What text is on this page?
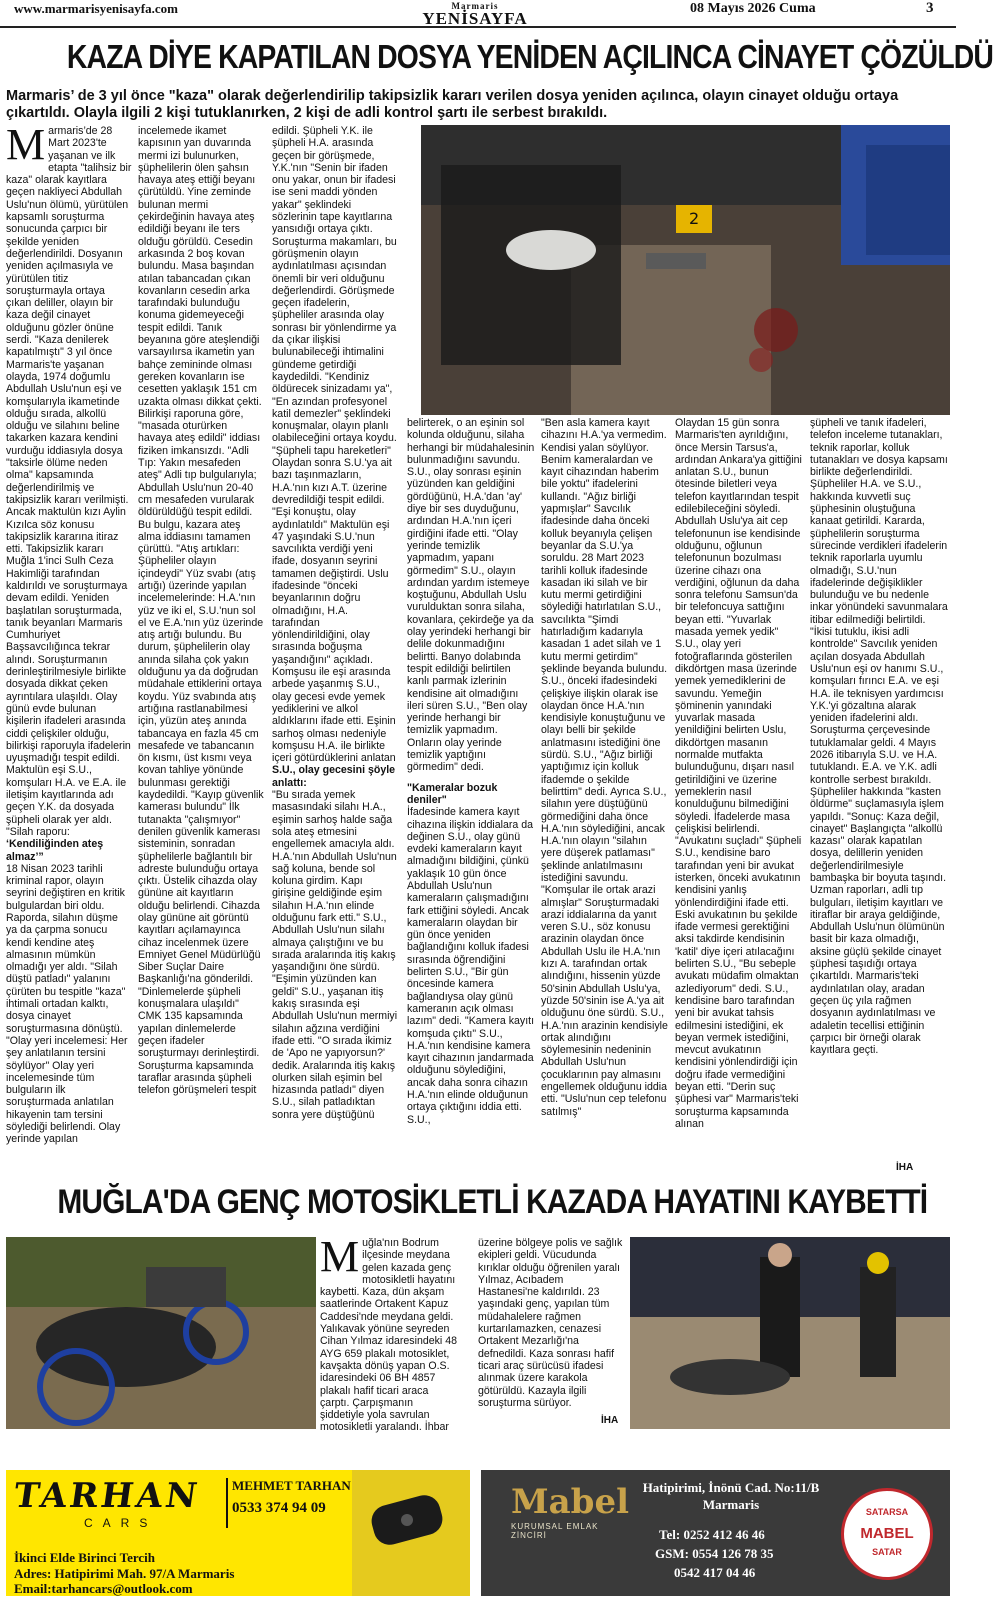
www.marmarisyenisayfa.com	Marmaris
YENİSAYFA
08 Mayıs 2026 Cuma	3
KAZA DİYE KAPATILAN DOSYA YENİDEN AÇILINCA CİNAYET ÇÖZÜLDÜ
Marmaris’ de 3 yıl önce "kaza" olarak değerlendirilip takipsizlik kararı verilen dosya yeniden açılınca, olayın cinayet olduğu ortaya çıkartıldı. Olayla ilgili 2 kişi tutuklanırken, 2 kişi de adli kontrol şartı ile serbest bırakıldı.
M armaris’de 28 Mart 2023'te yaşanan ve ilk etapta "talihsiz bir kaza" olarak kayıtlara geçen nakliyeci Abdullah Uslu'nun ölümü, yürütülen kapsamlı soruşturma sonucunda çarpıcı bir şekilde yeniden değerlendirildi. Dosyanın yeniden açılmasıyla ve yürütülen titiz soruşturmayla ortaya çıkan deliller, olayın bir kaza değil cinayet olduğunu gözler önüne serdi. "Kaza denilerek kapatılmıştı" 3 yıl önce Marmaris'te yaşanan olayda, 1974 doğumlu Abdullah Uslu'nun eşi ve komşularıyla ikametinde olduğu sırada, alkollü olduğu ve silahını beline takarken kazara kendini vurduğu iddiasıyla dosya "taksirle ölüme neden olma" kapsamında değerlendirilmiş ve takipsizlik kararı verilmişti. Ancak maktulün kızı Aylin Kızılca söz konusu takipsizlik kararına itiraz etti. Takipsizlik kararı Muğla 1'inci Sulh Ceza Hakimliği tarafından kaldırıldı ve soruşturmaya devam edildi. Yeniden başlatılan soruşturmada, tanık beyanları Marmaris Cumhuriyet Başsavcılığınca tekrar alındı. Soruşturmanın derinleştirilmesiyle birlikte dosyada dikkat çeken ayrıntılara ulaşıldı. Olay günü evde bulunan kişilerin ifadeleri arasında ciddi çelişkiler olduğu, bilirkişi raporuyla ifadelerin uyuşmadığı tespit edildi. Maktulün eşi S.U., komşuları H.A. ve E.A. ile iletişim kayıtlarında adı geçen Y.K. da dosyada şüpheli olarak yer aldı. "Silah raporu:
‘Kendiliğinden ateş almaz’”
18 Nisan 2023 tarihli kriminal rapor, olayın seyrini değiştiren en kritik bulgulardan biri oldu. Raporda, silahın düşme ya da çarpma sonucu kendi kendine ateş almasının mümkün olmadığı yer aldı. "Silah düştü patladı" yalanını çürüten bu tespitle "kaza" ihtimali ortadan kalktı, dosya cinayet soruşturmasına dönüştü. "Olay yeri incelemesi: Her şey anlatılanın tersini söylüyor" Olay yeri incelemesinde tüm bulguların ilk soruşturmada anlatılan hikayenin tam tersini söylediği belirlendi. Olay yerinde yapılan
incelemede ikamet kapısının yan duvarında mermi izi bulunurken, şüphelilerin ölen şahsın havaya ateş ettiği beyanı çürütüldü. Yine zeminde bulunan mermi çekirdeğinin havaya ateş edildiği beyanı ile ters olduğu görüldü. Cesedin arkasında 2 boş kovan bulundu. Masa başından atılan tabancadan çıkan kovanların cesedin arka tarafındaki bulunduğu konuma gidemeyeceği tespit edildi. Tanık beyanına göre ateşlendiği varsayılırsa ikametin yan bahçe zemininde olması gereken kovanların ise cesetten yaklaşık 151 cm uzakta olması dikkat çekti. Bilirkişi raporuna göre, "masada oturürken havaya ateş edildi" iddiası fiziken imkansızdı. "Adli Tıp: Yakın mesafeden ateş" Adli tıp bulgularıyla; Abdullah Uslu'nun 20-40 cm mesafeden vurularak öldürüldüğü tespit edildi. Bu bulgu, kazara ateş alma iddiasını tamamen çürüttü. "Atış artıkları: Şüpheliler olayın içindeydi" Yüz svabı (atış artığı) üzerinde yapılan incelemelerinde: H.A.'nın yüz ve iki el, S.U.'nun sol el ve E.A.'nın yüz üzerinde atış artığı bulundu. Bu durum, şüphelilerin olay anında silaha çok yakın olduğunu ya da doğrudan müdahale ettiklerini ortaya koydu. Yüz svabında atış artığına rastlanabilmesi için, yüzün ateş anında tabancaya en fazla 45 cm mesafede ve tabancanın ön kısmı, üst kısmı veya kovan tahliye yönünde bulunması gerektiği kaydedildi. "Kayıp güvenlik kamerası bulundu" İlk tutanakta "çalışmıyor" denilen güvenlik kamerası sisteminin, sonradan şüphelilerle bağlantılı bir adreste bulunduğu ortaya çıktı. Üstelik cihazda olay gününe ait kayıtların olduğu belirlendi. Cihazda olay gününe ait görüntü kayıtları açılamayınca cihaz incelenmek üzere Emniyet Genel Müdürlüğü Siber Suçlar Daire Başkanlığı'na gönderildi. "Dinlemelerde şüpheli konuşmalara ulaşıldı" CMK 135 kapsamında yapılan dinlemelerde geçen ifadeler soruşturmayı derinleştirdi. Soruşturma kapsamında taraflar arasında şüpheli telefon görüşmeleri tespit
edildi. Şüpheli Y.K. ile şüpheli H.A. arasında geçen bir görüşmede, Y.K.'nın "Senin bir ifaden onu yakar, onun bir ifadesi ise seni maddi yönden yakar" şeklindeki sözlerinin tape kayıtlarına yansıdığı ortaya çıktı. Soruşturma makamları, bu görüşmenin olayın aydınlatılması açısından önemli bir veri olduğunu değerlendirdi. Görüşmede geçen ifadelerin, şüpheliler arasında olay sonrası bir yönlendirme ya da çıkar ilişkisi bulunabileceği ihtimalini gündeme getirdiği kaydedildi. "Kendiniz öldürecek sinizadamı ya", "En azından profesyonel katil demezler" şeklindeki konuşmalar, olayın planlı olabileceğini ortaya koydu. "Şüpheli tapu hareketleri" Olaydan sonra S.U.'ya ait bazı taşınmazların, H.A.'nın kızı A.T. üzerine devredildiği tespit edildi. "Eşi konuştu, olay aydınlatıldı" Maktulün eşi 47 yaşındaki S.U.'nun savcılıkta verdiği yeni ifade, dosyanın seyrini tamamen değiştirdi. Uslu ifadesinde "önceki beyanlarının doğru olmadığını, H.A. tarafından yönlendirildiğini, olay sırasında boğuşma yaşandığını" açıkladı. Komşusu ile eşi arasında arbede yaşanmış S.U., olay gecesi evde yemek yediklerini ve alkol aldıklarını ifade etti. Eşinin sarhoş olması nedeniyle komşusu H.A. ile birlikte içeri götürdüklerini anlatan
S.U., olay gecesini şöyle anlattı:
"Bu sırada yemek masasındaki silahı H.A., eşimin sarhoş halde sağa sola ateş etmesini engellemek amacıyla aldı. H.A.'nın Abdullah Uslu'nun sağ koluna, bende sol koluna girdim. Kapı girişine geldiğinde eşim silahın H.A.'nın elinde olduğunu fark etti." S.U., Abdullah Uslu'nun silahı almaya çalıştığını ve bu sırada aralarında itiş kakış yaşandığını öne sürdü. "Eşimin yüzünden kan geldi" S.U., yaşanan itiş kakış sırasında eşi Abdullah Uslu'nun mermiyi silahın ağzına verdiğini ifade etti. "O sırada ikimiz de 'Apo ne yapıyorsun?' dedik. Aralarında itiş kakış olurken silah eşimin bel hizasında patladı" diyen S.U., silah patladıktan sonra yere düştüğünü
2
belirterek, o an eşinin sol kolunda olduğunu, silaha herhangi bir müdahalesinin bulunmadığını savundu. S.U., olay sonrası eşinin yüzünden kan geldiğini gördüğünü, H.A.'dan 'ay' diye bir ses duyduğunu, ardından H.A.'nın içeri girdiğini ifade etti. "Olay yerinde temizlik yapmadım, yapanı görmedim" S.U., olayın ardından yardım istemeye koştuğunu, Abdullah Uslu vurulduktan sonra silaha, kovanlara, çekirdeğe ya da olay yerindeki herhangi bir delile dokunmadığını belirtti. Banyo dolabında tespit edildiği belirtilen kanlı parmak izlerinin kendisine ait olmadığını ileri süren S.U., "Ben olay yerinde herhangi bir temizlik yapmadım. Onların olay yerinde temizlik yaptığını görmedim" dedi.
"Kameralar bozuk deniler"
İfadesinde kamera kayıt cihazına ilişkin iddialara da değinen S.U., olay günü evdeki kameraların kayıt almadığını bildiğini, çünkü yaklaşık 10 gün önce Abdullah Uslu'nun kameraların çalışmadığını fark ettiğini söyledi. Ancak kameraların olaydan bir gün önce yeniden bağlandığını kolluk ifadesi sırasında öğrendiğini belirten S.U., "Bir gün öncesinde kamera bağlandıysa olay günü kameranın açık olması lazım" dedi. "Kamera kayıtı komşuda çıktı" S.U., H.A.'nın kendisine kamera kayıt cihazının jandarmada olduğunu söylediğini, ancak daha sonra cihazın H.A.'nın elinde olduğunun ortaya çıktığını iddia etti. S.U.,
"Ben asla kamera kayıt cihazını H.A.'ya vermedim. Kendisi yalan söylüyor. Benim kameralardan ve kayıt cihazından haberim bile yoktu" ifadelerini kullandı. "Ağız birliği yapmışlar" Savcılık ifadesinde daha önceki kolluk beyanıyla çelişen beyanlar da S.U.'ya soruldu. 28 Mart 2023 tarihli kolluk ifadesinde kasadan iki silah ve bir kutu mermi getirdiğini söylediği hatırlatılan S.U., savcılıkta "Şimdi hatırladığım kadarıyla kasadan 1 adet silah ve 1 kutu mermi getirdim" şeklinde beyanda bulundu. S.U., önceki ifadesindeki çelişkiye ilişkin olarak ise olaydan önce H.A.'nın kendisiyle konuştuğunu ve olayı belli bir şekilde anlatmasını istediğini öne sürdü. S.U., "Ağız birliği yaptığımız için kolluk ifademde o şekilde belirttim" dedi. Ayrıca S.U., silahın yere düştüğünü görmediğini daha önce H.A.'nın söylediğini, ancak H.A.'nın olayın "silahın yere düşerek patlaması" şeklinde anlatılmasını istediğini savundu. "Komşular ile ortak arazi almışlar" Soruşturmadaki arazi iddialarına da yanıt veren S.U., söz konusu arazinin olaydan önce Abdullah Uslu ile H.A.'nın kızı A. tarafından ortak alındığını, hissenin yüzde 50'sinin Abdullah Uslu'ya, yüzde 50'sinin ise A.'ya ait olduğunu öne sürdü. S.U., H.A.'nın arazinin kendisiyle ortak alındığını söylemesinin nedeninin Abdullah Uslu'nun çocuklarının pay almasını engellemek olduğunu iddia etti. "Uslu'nun cep telefonu satılmış"
Olaydan 15 gün sonra Marmaris'ten ayrıldığını, önce Mersin Tarsus'a, ardından Ankara'ya gittiğini anlatan S.U., bunun ötesinde biletleri veya telefon kayıtlarından tespit edilebileceğini söyledi. Abdullah Uslu'ya ait cep telefonunun ise kendisinde olduğunu, oğlunun telefonunun bozulması üzerine cihazı ona verdiğini, oğlunun da daha sonra telefonu Samsun'da bir telefoncuya sattığını beyan etti. "Yuvarlak masada yemek yedik" S.U., olay yeri fotoğraflarında gösterilen dikdörtgen masa üzerinde yemek yemediklerini de savundu. Yemeğin şöminenin yanındaki yuvarlak masada yenildiğini belirten Uslu, dikdörtgen masanın normalde mutfakta bulunduğunu, dışarı nasıl getirildiğini ve üzerine yemeklerin nasıl konulduğunu bilmediğini söyledi. İfadelerde masa çelişkisi belirlendi. "Avukatını suçladı" Şüpheli S.U., kendisine baro tarafından yeni bir avukat isterken, önceki avukatının kendisini yanlış yönlendirdiğini ifade etti. Eski avukatının bu şekilde ifade vermesi gerektiğini aksi takdirde kendisinin 'katil' diye içeri atılacağını belirten S.U., "Bu sebeple avukatı müdafim olmaktan azlediyorum" dedi. S.U., kendisine baro tarafından yeni bir avukat tahsis edilmesini istediğini, ek beyan vermek istediğini, mevcut avukatının kendisini yönlendirdiği için doğru ifade vermediğini beyan etti. "Derin suç şüphesi var" Marmaris'teki soruşturma kapsamında alınan
şüpheli ve tanık ifadeleri, telefon inceleme tutanakları, teknik raporlar, kolluk tutanakları ve dosya kapsamı birlikte değerlendirildi. Şüpheliler H.A. ve S.U., hakkında kuvvetli suç şüphesinin oluştuğuna kanaat getirildi. Kararda, şüphelilerin soruşturma sürecinde verdikleri ifadelerin teknik raporlarla uyumlu olmadığı, S.U.'nun ifadelerinde değişiklikler bulunduğu ve bu nedenle inkar yönündeki savunmalara itibar edilmediği belirtildi. "İkisi tutuklu, ikisi adli kontrolde" Savcılık yeniden açılan dosyada Abdullah Uslu'nun eşi ov hanımı S.U., komşuları fırıncı E.A. ve eşi H.A. ile teknisyen yardımcısı Y.K.'yi gözaltına alarak yeniden ifadelerini aldı. Soruşturma çerçevesinde tutuklamalar geldi. 4 Mayıs 2026 itibarıyla S.U. ve H.A. tutuklandı. E.A. ve Y.K. adli kontrolle serbest bırakıldı. Şüpheliler hakkında "kasten öldürme" suçlamasıyla işlem yapıldı. "Sonuç: Kaza değil, cinayet" Başlangıçta "alkollü kazası" olarak kapatılan dosya, delillerin yeniden değerlendirilmesiyle bambaşka bir boyuta taşındı. Uzman raporları, adli tıp bulguları, iletişim kayıtları ve itiraflar bir araya geldiğinde, Abdullah Uslu'nun ölümünün basit bir kaza olmadığı, aksine güçlü şekilde cinayet şüphesi taşıdığı ortaya çıkartıldı. Marmaris'teki aydınlatılan olay, aradan geçen üç yıla rağmen dosyanın aydınlatılması ve adaletin tecellisi ettiğinin çarpıcı bir örneği olarak kayıtlara geçti.
İHA
MUĞLA'DA GENÇ MOTOSİKLETLİ KAZADA HAYATINI KAYBETTİ
M uğla'nın Bodrum ilçesinde meydana gelen kazada genç motosikletli hayatını kaybetti. Kaza, dün akşam saatlerinde Ortakent Kapuz Caddesi'nde meydana geldi. Yalıkavak yönüne seyreden Cihan Yılmaz idaresindeki 48 AYG 659 plakalı motosiklet, kavşakta dönüş yapan O.S. idaresindeki 06 BH 4857 plakalı hafif ticari araca çarptı. Çarpışmanın şiddetiyle yola savrulan motosikletli yaralandı. İhbar
üzerine bölgeye polis ve sağlık ekipleri geldi. Vücudunda kırıklar olduğu öğrenilen yaralı Yılmaz, Acıbadem Hastanesi'ne kaldırıldı. 23 yaşındaki genç, yapılan tüm müdahalelere rağmen kurtarılamazken, cenazesi Ortakent Mezarlığı'na defnedildi. Kaza sonrası hafif ticari araç sürücüsü ifadesi alınmak üzere karakola götürüldü. Kazayla ilgili soruşturma sürüyor.
İHA
TARHAN
CARS
MEHMET TARHAN
0533 374 94 09
İkinci Elde Birinci Tercih
Adres: Hatipirimi Mah. 97/A Marmaris
Email:tarhancars@outlook.com
Mabel
KURUMSAL EMLAK ZİNCİRİ
Hatipirimi, İnönü Cad. No:11/B
Marmaris
Tel: 0252 412 46 46
GSM: 0554 126 78 35
0542 417 04 46
SATARSA
MABEL
SATAR
